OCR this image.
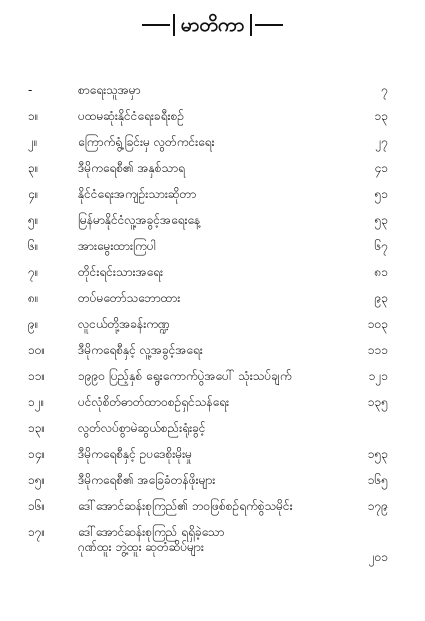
မာတိကာ
-	စာရေးသူအမှာ	၇
၁။	ပထမဆုံးနိုင်ငံရေးခရီးစဉ်	၁၃
၂။	ကြောက်ရွံ့ခြင်းမှ လွတ်ကင်းရေး	၂၇
၃။	ဒီမိုကရေစီ၏ အနှစ်သာရ	၄၁
၄။	နိုင်ငံရေးအကျဉ်းသားဆိုတာ	၅၁
၅။	မြန်မာနိုင်ငံလူ့အခွင့်အရေးနေ့	၅၃
၆။	အားမွေးထားကြပါ	၆၇
၇။	တိုင်းရင်းသားအရေး	၈၁
၈။	တပ်မတော်သဘောထား	၉၃
၉။	လူငယ်တို့အခန်းကဏ္ဍ	၁၀၃
၁၀။	ဒီမိုကရေစီနှင့် လူ့အခွင့်အရေး	၁၁၁
၁၁။	၁၉၉၀ ပြည့်နှစ် ရွေးကောက်ပွဲအပေါ် သုံးသပ်ချက်	၁၂၁
၁၂။	ပင်လုံစိတ်ဓာတ်ထာဝစဉ်ရှင်သန်ရေး	၁၃၅
၁၃။	လွတ်လပ်စွာမဲဆွယ်စည်းရုံးခွင့်
၁၄။	ဒီမိုကရေစီနှင့် ဥပဒေစိုးမိုးမှု	၁၅၃
၁၅။	ဒီမိုကရေစီ၏ အခြေခံတန်ဖိုးများ	၁၆၅
၁၆။	ဒေါ်အောင်ဆန်းစုကြည်၏ ဘဝဖြစ်စဉ်ရက်စွဲသမိုင်း	၁၇၉
၁၇။	ဒေါ်အောင်ဆန်းစုကြည် ရရှိခဲ့သော
ဂုဏ်ထူး ဘွဲ့ထူး ဆုတံဆိပ်များ
၂၀၁
